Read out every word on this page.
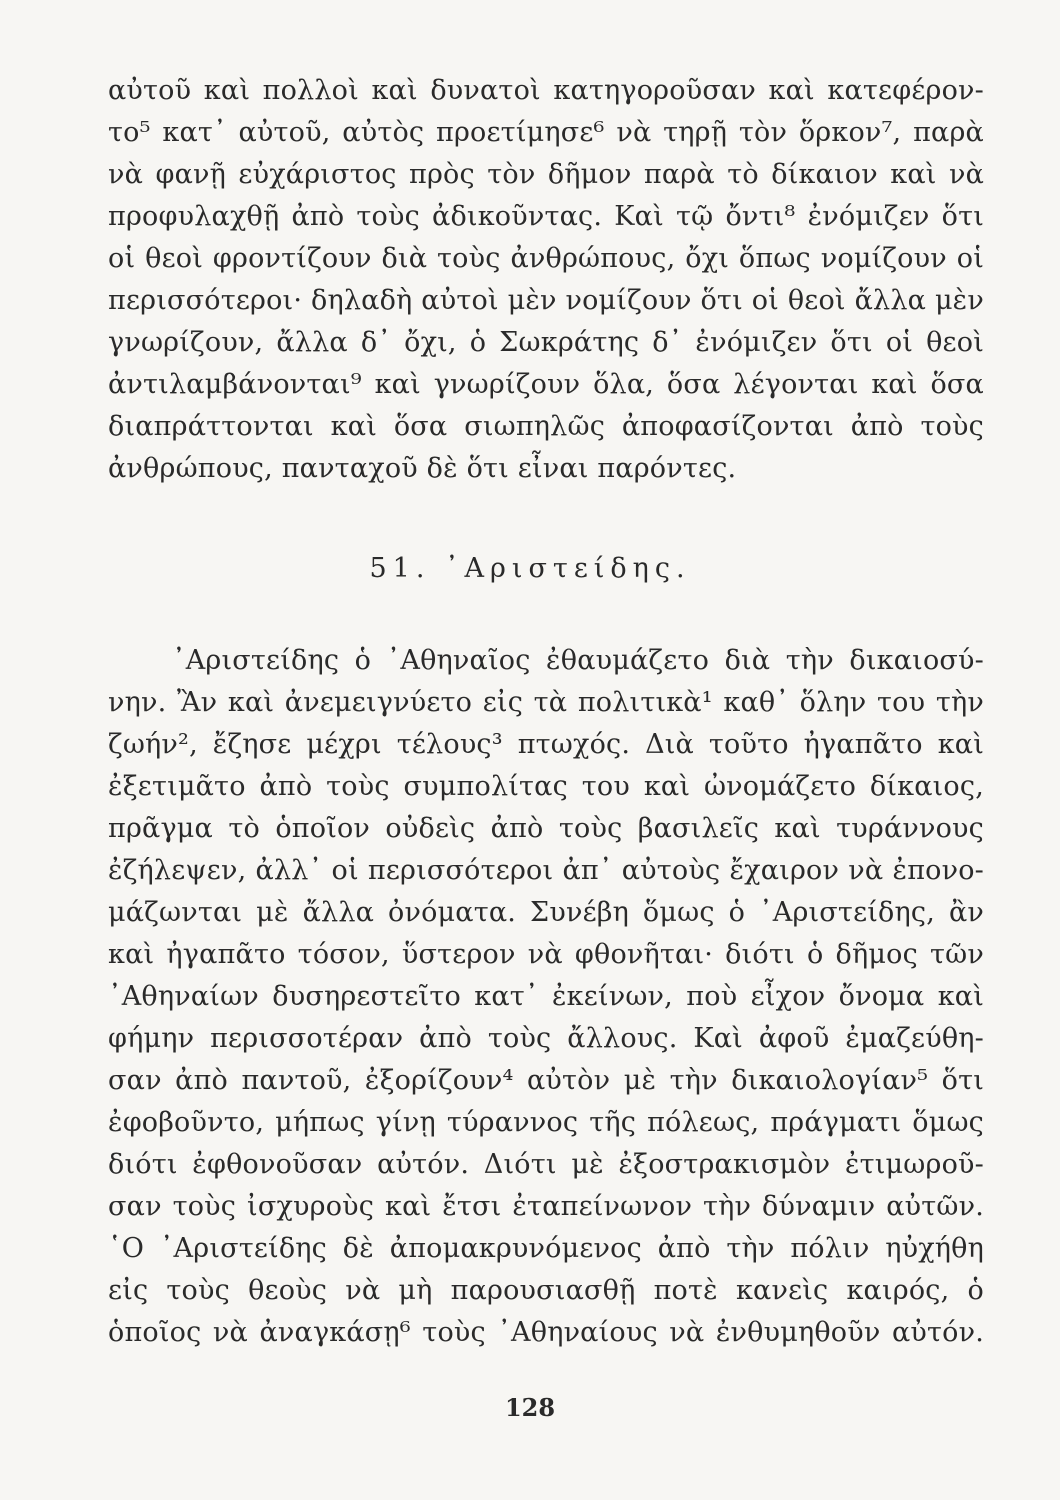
αὐτοῦ καὶ πολλοὶ καὶ δυνατοὶ κατηγοροῦσαν καὶ κατεφέρον-
το⁵ κατ᾽ αὐτοῦ, αὐτὸς προετίμησε⁶ νὰ τηρῇ τὸν ὅρκον⁷, παρὰ
νὰ φανῇ εὐχάριστος πρὸς τὸν δῆμον παρὰ τὸ δίκαιον καὶ νὰ
προφυλαχθῇ ἀπὸ τοὺς ἀδικοῦντας. Καὶ τῷ ὄντι⁸ ἐνόμιζεν ὅτι
οἱ θεοὶ φροντίζουν διὰ τοὺς ἀνθρώπους, ὄχι ὅπως νομίζουν οἱ
περισσότεροι· δηλαδὴ αὐτοὶ μὲν νομίζουν ὅτι οἱ θεοὶ ἄλλα μὲν
γνωρίζουν, ἄλλα δ᾽ ὄχι, ὁ Σωκράτης δ᾽ ἐνόμιζεν ὅτι οἱ θεοὶ
ἀντιλαμβάνονται⁹ καὶ γνωρίζουν ὅλα, ὅσα λέγονται καὶ ὅσα
διαπράττονται καὶ ὅσα σιωπηλῶς ἀποφασίζονται ἀπὸ τοὺς
ἀνθρώπους, πανταχοῦ δὲ ὅτι εἶναι παρόντες.
51. ᾿Αριστείδης.
᾿Αριστείδης ὁ ᾿Αθηναῖος ἐθαυμάζετο διὰ τὴν δικαιοσύ-
νην. Ἂν καὶ ἀνεμειγνύετο εἰς τὰ πολιτικὰ¹ καθ᾽ ὅλην του τὴν
ζωήν², ἔζησε μέχρι τέλους³ πτωχός. Διὰ τοῦτο ἠγαπᾶτο καὶ
ἐξετιμᾶτο ἀπὸ τοὺς συμπολίτας του καὶ ὠνομάζετο δίκαιος,
πρᾶγμα τὸ ὁποῖον οὐδεὶς ἀπὸ τοὺς βασιλεῖς καὶ τυράννους
ἐζήλεψεν, ἀλλ᾽ οἱ περισσότεροι ἀπ᾽ αὐτοὺς ἔχαιρον νὰ ἐπονο-
μάζωνται μὲ ἄλλα ὀνόματα. Συνέβη ὅμως ὁ ᾿Αριστείδης, ἂν
καὶ ἠγαπᾶτο τόσον, ὕστερον νὰ φθονῆται· διότι ὁ δῆμος τῶν
᾿Αθηναίων δυσηρεστεῖτο κατ᾽ ἐκείνων, ποὺ εἶχον ὄνομα καὶ
φήμην περισσοτέραν ἀπὸ τοὺς ἄλλους. Καὶ ἀφοῦ ἐμαζεύθη-
σαν ἀπὸ παντοῦ, ἐξορίζουν⁴ αὐτὸν μὲ τὴν δικαιολογίαν⁵ ὅτι
ἐφοβοῦντο, μήπως γίνῃ τύραννος τῆς πόλεως, πράγματι ὅμως
διότι ἐφθονοῦσαν αὐτόν. Διότι μὲ ἐξοστρακισμὸν ἐτιμωροῦ-
σαν τοὺς ἰσχυροὺς καὶ ἔτσι ἐταπείνωνον τὴν δύναμιν αὐτῶν.
῾Ο ᾿Αριστείδης δὲ ἀπομακρυνόμενος ἀπὸ τὴν πόλιν ηὐχήθη
εἰς τοὺς θεοὺς νὰ μὴ παρουσιασθῇ ποτὲ κανεὶς καιρός, ὁ
ὁποῖος νὰ ἀναγκάσῃ⁶ τοὺς ᾿Αθηναίους νὰ ἐνθυμηθοῦν αὐτόν.
128
